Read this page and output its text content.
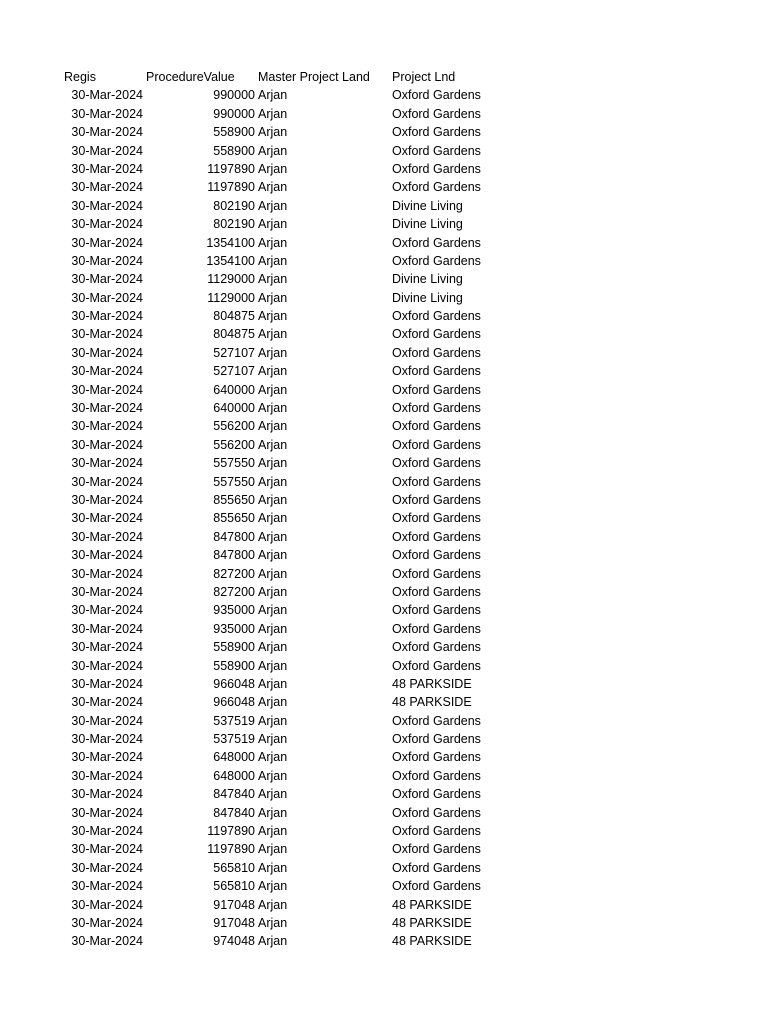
Regis	ProcedureValue Master Project Land Project Lnd
30-Mar-2024	990000 Arjan	Oxford Gardens
30-Mar-2024	990000 Arjan	Oxford Gardens
30-Mar-2024	558900 Arjan	Oxford Gardens
30-Mar-2024	558900 Arjan	Oxford Gardens
30-Mar-2024	1197890 Arjan	Oxford Gardens
30-Mar-2024	1197890 Arjan	Oxford Gardens
30-Mar-2024	802190 Arjan	Divine Living
30-Mar-2024	802190 Arjan	Divine Living
30-Mar-2024	1354100 Arjan	Oxford Gardens
30-Mar-2024	1354100 Arjan	Oxford Gardens
30-Mar-2024	1129000 Arjan	Divine Living
30-Mar-2024	1129000 Arjan	Divine Living
30-Mar-2024	804875 Arjan	Oxford Gardens
30-Mar-2024	804875 Arjan	Oxford Gardens
30-Mar-2024	527107 Arjan	Oxford Gardens
30-Mar-2024	527107 Arjan	Oxford Gardens
30-Mar-2024	640000 Arjan	Oxford Gardens
30-Mar-2024	640000 Arjan	Oxford Gardens
30-Mar-2024	556200 Arjan	Oxford Gardens
30-Mar-2024	556200 Arjan	Oxford Gardens
30-Mar-2024	557550 Arjan	Oxford Gardens
30-Mar-2024	557550 Arjan	Oxford Gardens
30-Mar-2024	855650 Arjan	Oxford Gardens
30-Mar-2024	855650 Arjan	Oxford Gardens
30-Mar-2024	847800 Arjan	Oxford Gardens
30-Mar-2024	847800 Arjan	Oxford Gardens
30-Mar-2024	827200 Arjan	Oxford Gardens
30-Mar-2024	827200 Arjan	Oxford Gardens
30-Mar-2024	935000 Arjan	Oxford Gardens
30-Mar-2024	935000 Arjan	Oxford Gardens
30-Mar-2024	558900 Arjan	Oxford Gardens
30-Mar-2024	558900 Arjan	Oxford Gardens
30-Mar-2024	966048 Arjan	48 PARKSIDE
30-Mar-2024	966048 Arjan	48 PARKSIDE
30-Mar-2024	537519 Arjan	Oxford Gardens
30-Mar-2024	537519 Arjan	Oxford Gardens
30-Mar-2024	648000 Arjan	Oxford Gardens
30-Mar-2024	648000 Arjan	Oxford Gardens
30-Mar-2024	847840 Arjan	Oxford Gardens
30-Mar-2024	847840 Arjan	Oxford Gardens
30-Mar-2024	1197890 Arjan	Oxford Gardens
30-Mar-2024	1197890 Arjan	Oxford Gardens
30-Mar-2024	565810 Arjan	Oxford Gardens
30-Mar-2024	565810 Arjan	Oxford Gardens
30-Mar-2024	917048 Arjan	48 PARKSIDE
30-Mar-2024	917048 Arjan	48 PARKSIDE
30-Mar-2024	974048 Arjan	48 PARKSIDE
